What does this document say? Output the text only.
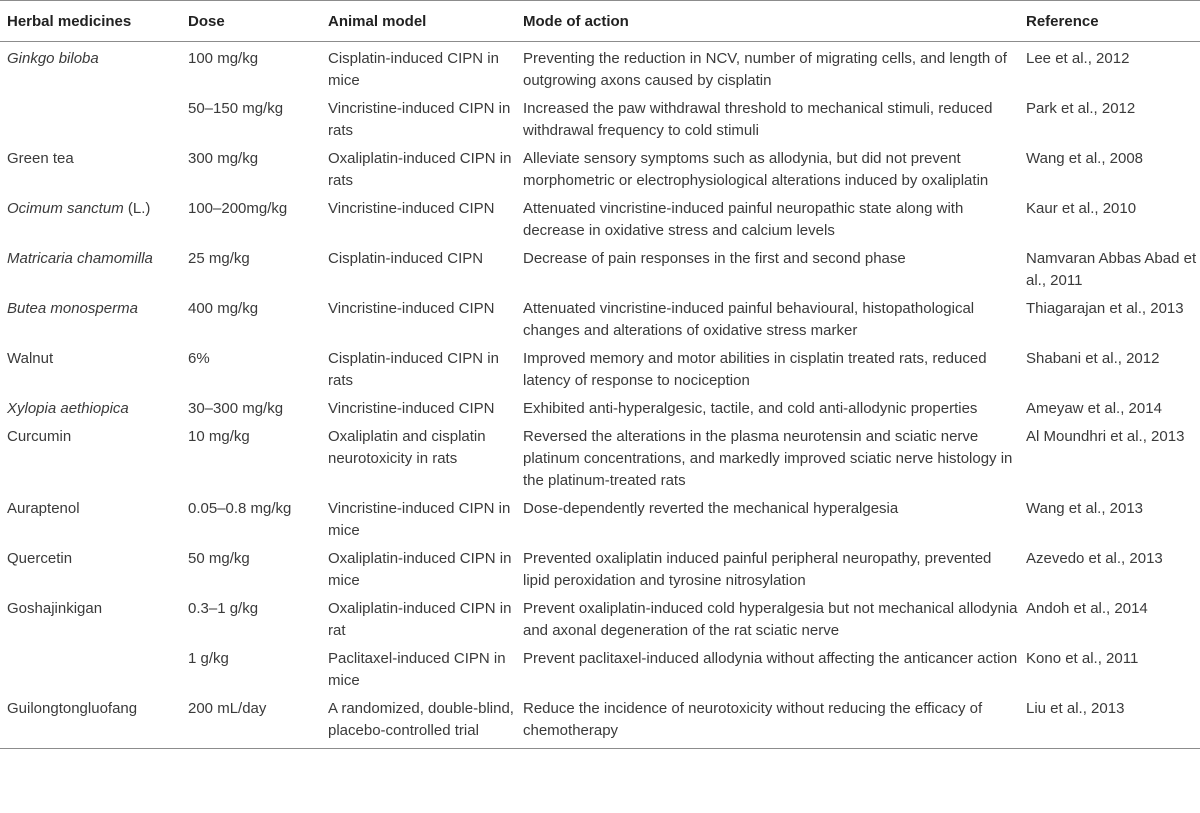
Herbal medicines	Dose	Animal model	Mode of action	Reference
Ginkgo biloba	100 mg/kg	Cisplatin-induced CIPN in mice	Preventing the reduction in NCV, number of migrating cells, and length of outgrowing axons caused by cisplatin	Lee et al., 2012
	50–150 mg/kg	Vincristine-induced CIPN in rats	Increased the paw withdrawal threshold to mechanical stimuli, reduced withdrawal frequency to cold stimuli	Park et al., 2012
Green tea	300 mg/kg	Oxaliplatin-induced CIPN in rats	Alleviate sensory symptoms such as allodynia, but did not prevent morphometric or electrophysiological alterations induced by oxaliplatin	Wang et al., 2008
Ocimum sanctum (L.)	100–200mg/kg	Vincristine-induced CIPN	Attenuated vincristine-induced painful neuropathic state along with decrease in oxidative stress and calcium levels	Kaur et al., 2010
Matricaria chamomilla	25 mg/kg	Cisplatin-induced CIPN	Decrease of pain responses in the first and second phase	Namvaran Abbas Abad et al., 2011
Butea monosperma	400 mg/kg	Vincristine-induced CIPN	Attenuated vincristine-induced painful behavioural, histopathological changes and alterations of oxidative stress marker	Thiagarajan et al., 2013
Walnut	6%	Cisplatin-induced CIPN in rats	Improved memory and motor abilities in cisplatin treated rats, reduced latency of response to nociception	Shabani et al., 2012
Xylopia aethiopica	30–300 mg/kg	Vincristine-induced CIPN	Exhibited anti-hyperalgesic, tactile, and cold anti-allodynic properties	Ameyaw et al., 2014
Curcumin	10 mg/kg	Oxaliplatin and cisplatin neurotoxicity in rats	Reversed the alterations in the plasma neurotensin and sciatic nerve platinum concentrations, and markedly improved sciatic nerve histology in the platinum-treated rats	Al Moundhri et al., 2013
Auraptenol	0.05–0.8 mg/kg	Vincristine-induced CIPN in mice	Dose-dependently reverted the mechanical hyperalgesia	Wang et al., 2013
Quercetin	50 mg/kg	Oxaliplatin-induced CIPN in mice	Prevented oxaliplatin induced painful peripheral neuropathy, prevented lipid peroxidation and tyrosine nitrosylation	Azevedo et al., 2013
Goshajinkigan	0.3–1 g/kg	Oxaliplatin-induced CIPN in rat	Prevent oxaliplatin-induced cold hyperalgesia but not mechanical allodynia and axonal degeneration of the rat sciatic nerve	Andoh et al., 2014
	1 g/kg	Paclitaxel-induced CIPN in mice	Prevent paclitaxel-induced allodynia without affecting the anticancer action	Kono et al., 2011
Guilongtongluofang	200 mL/day	A randomized, double-blind, placebo-controlled trial	Reduce the incidence of neurotoxicity without reducing the efficacy of chemotherapy	Liu et al., 2013
